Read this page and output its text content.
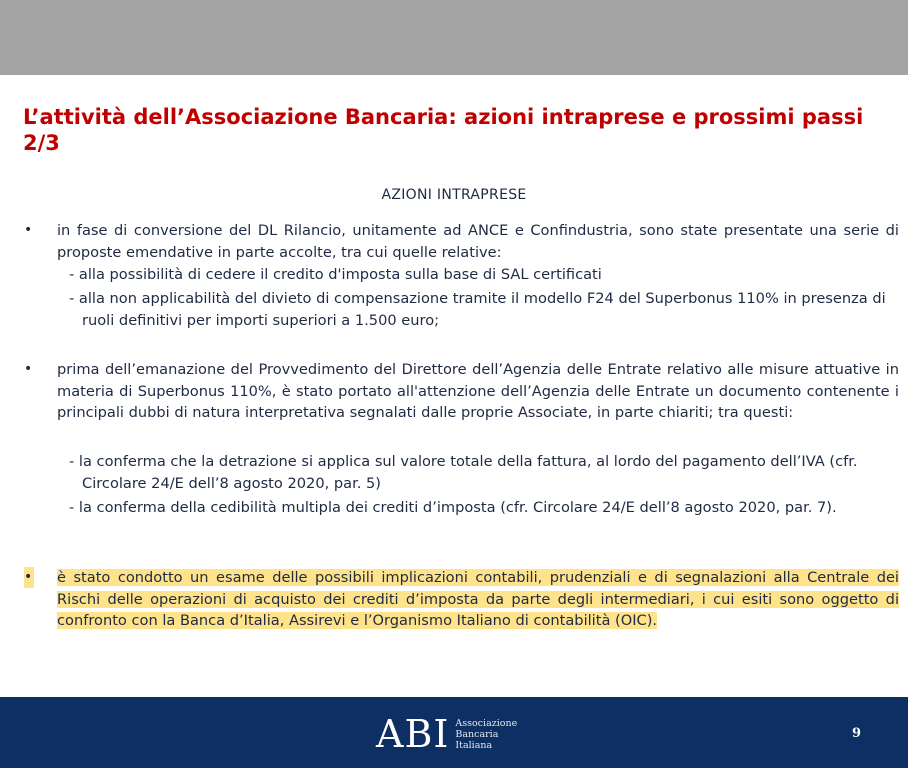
L’attività dell’Associazione Bancaria: azioni intraprese e prossimi passi 2/3
AZIONI INTRAPRESE
• in fase di conversione del DL Rilancio, unitamente ad ANCE e Confindustria, sono state presentate una serie di proposte emendative in parte accolte, tra cui quelle relative:
- alla possibilità di cedere il credito d'imposta sulla base di SAL certificati
- alla non applicabilità del divieto di compensazione tramite il modello F24 del Superbonus 110% in presenza di ruoli definitivi per importi superiori a 1.500 euro;
• prima dell’emanazione del Provvedimento del Direttore dell’Agenzia delle Entrate relativo alle misure attuative in materia di Superbonus 110%, è stato portato all'attenzione dell’Agenzia delle Entrate un documento contenente i principali dubbi di natura interpretativa segnalati dalle proprie Associate, in parte chiariti; tra questi:
- la conferma che la detrazione si applica sul valore totale della fattura, al lordo del pagamento dell’IVA (cfr. Circolare 24/E dell’8 agosto 2020, par. 5)
- la conferma della cedibilità multipla dei crediti d’imposta (cfr. Circolare 24/E dell’8 agosto 2020, par. 7).
• è stato condotto un esame delle possibili implicazioni contabili, prudenziali e di segnalazioni alla Centrale dei Rischi delle operazioni di acquisto dei crediti d’imposta da parte degli intermediari, i cui esiti sono oggetto di confronto con la Banca d’Italia, Assirevi e l’Organismo Italiano di contabilità (OIC).
ABI Associazione
Bancaria
Italiana
9
